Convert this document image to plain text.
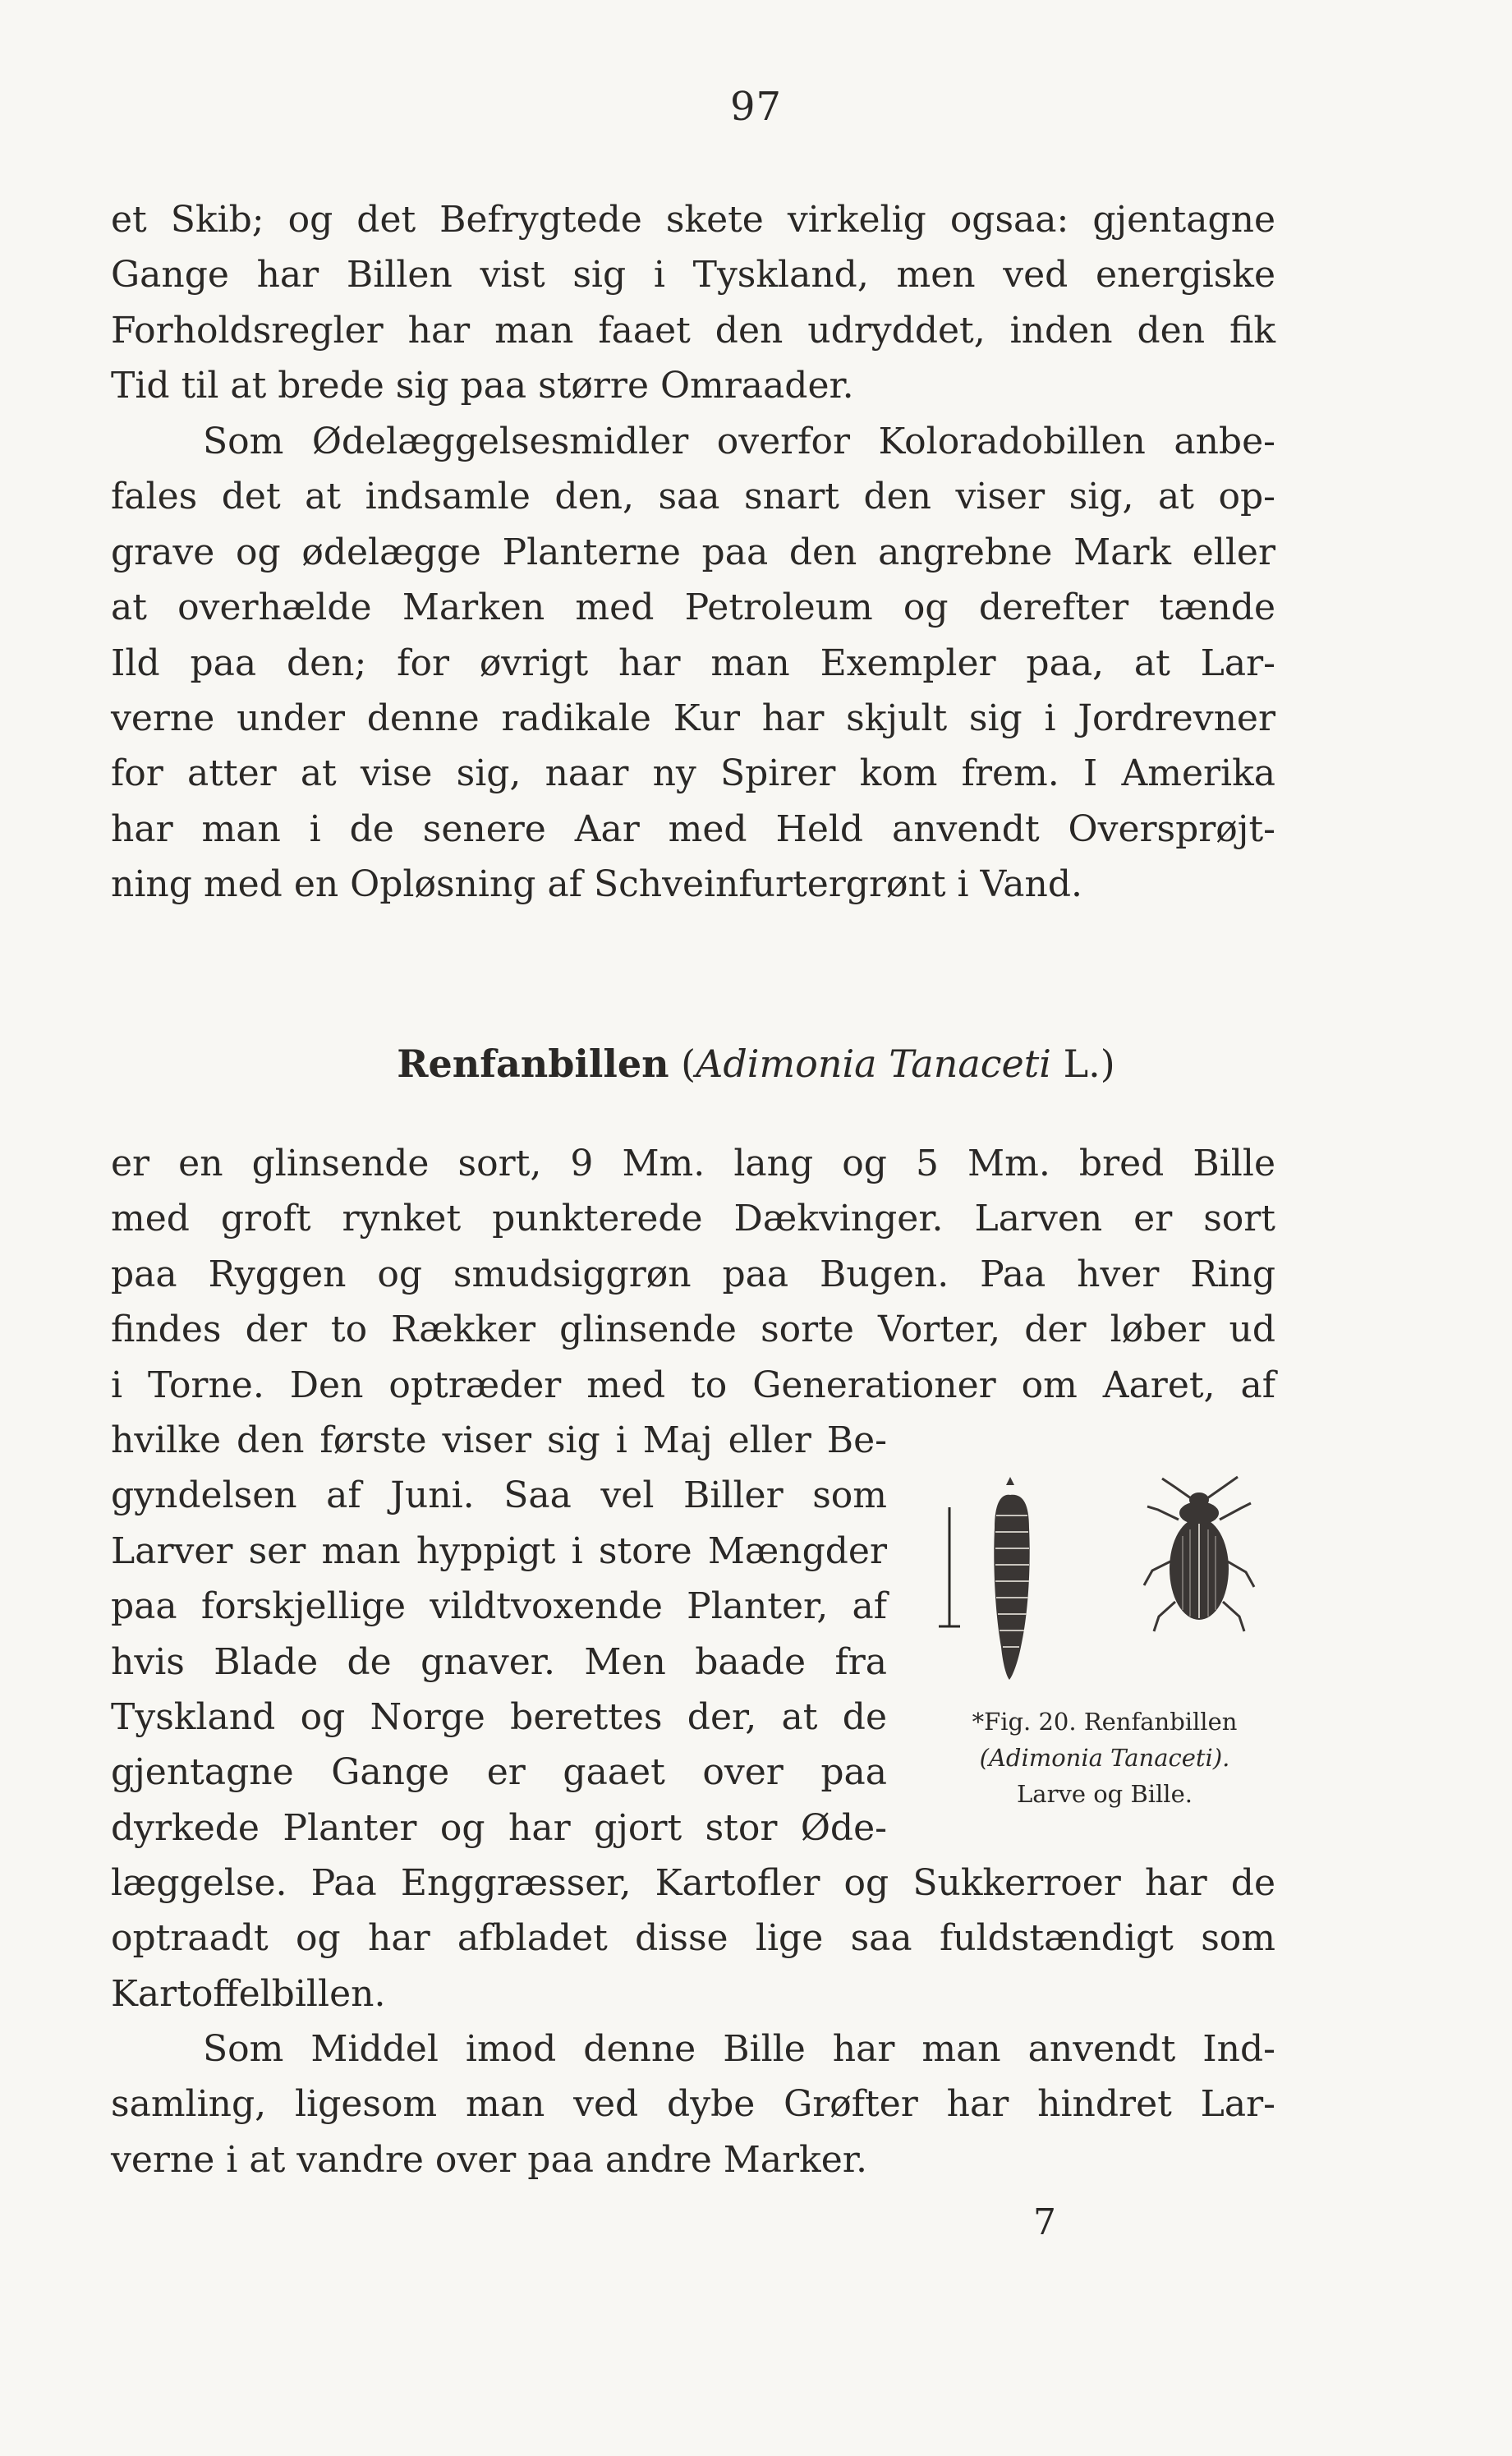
97
et Skib; og det Befrygtede skete virkelig ogsaa: gjentagne
Gange har Billen vist sig i Tyskland, men ved energiske
Forholdsregler har man faaet den udryddet, inden den fik
Tid til at brede sig paa større Omraader.
Som Ødelæggelsesmidler overfor Koloradobillen anbe-
fales det at indsamle den, saa snart den viser sig, at op-
grave og ødelægge Planterne paa den angrebne Mark eller
at overhælde Marken med Petroleum og derefter tænde
Ild paa den; for øvrigt har man Exempler paa, at Lar-
verne under denne radikale Kur har skjult sig i Jordrevner
for atter at vise sig, naar ny Spirer kom frem. I Amerika
har man i de senere Aar med Held anvendt Oversprøjt-
ning med en Opløsning af Schveinfurtergrønt i Vand.
Renfanbillen (Adimonia Tanaceti L.)
er en glinsende sort, 9 Mm. lang og 5 Mm. bred Bille
med groft rynket punkterede Dækvinger. Larven er sort
paa Ryggen og smudsiggrøn paa Bugen. Paa hver Ring
findes der to Rækker glinsende sorte Vorter, der løber ud
i Torne. Den optræder med to Generationer om Aaret, af
hvilke den første viser sig i Maj eller Be-
gyndelsen af Juni. Saa vel Biller som
Larver ser man hyppigt i store Mængder
paa forskjellige vildtvoxende Planter, af
hvis Blade de gnaver. Men baade fra
Tyskland og Norge berettes der, at de
gjentagne Gange er gaaet over paa
dyrkede Planter og har gjort stor Øde-
*Fig. 20. Renfanbillen
(Adimonia Tanaceti).
Larve og Bille.
læggelse. Paa Enggræsser, Kartofler og Sukkerroer har de
optraadt og har afbladet disse lige saa fuldstændigt som
Kartoffelbillen.
Som Middel imod denne Bille har man anvendt Ind-
samling, ligesom man ved dybe Grøfter har hindret Lar-
verne i at vandre over paa andre Marker.
7
